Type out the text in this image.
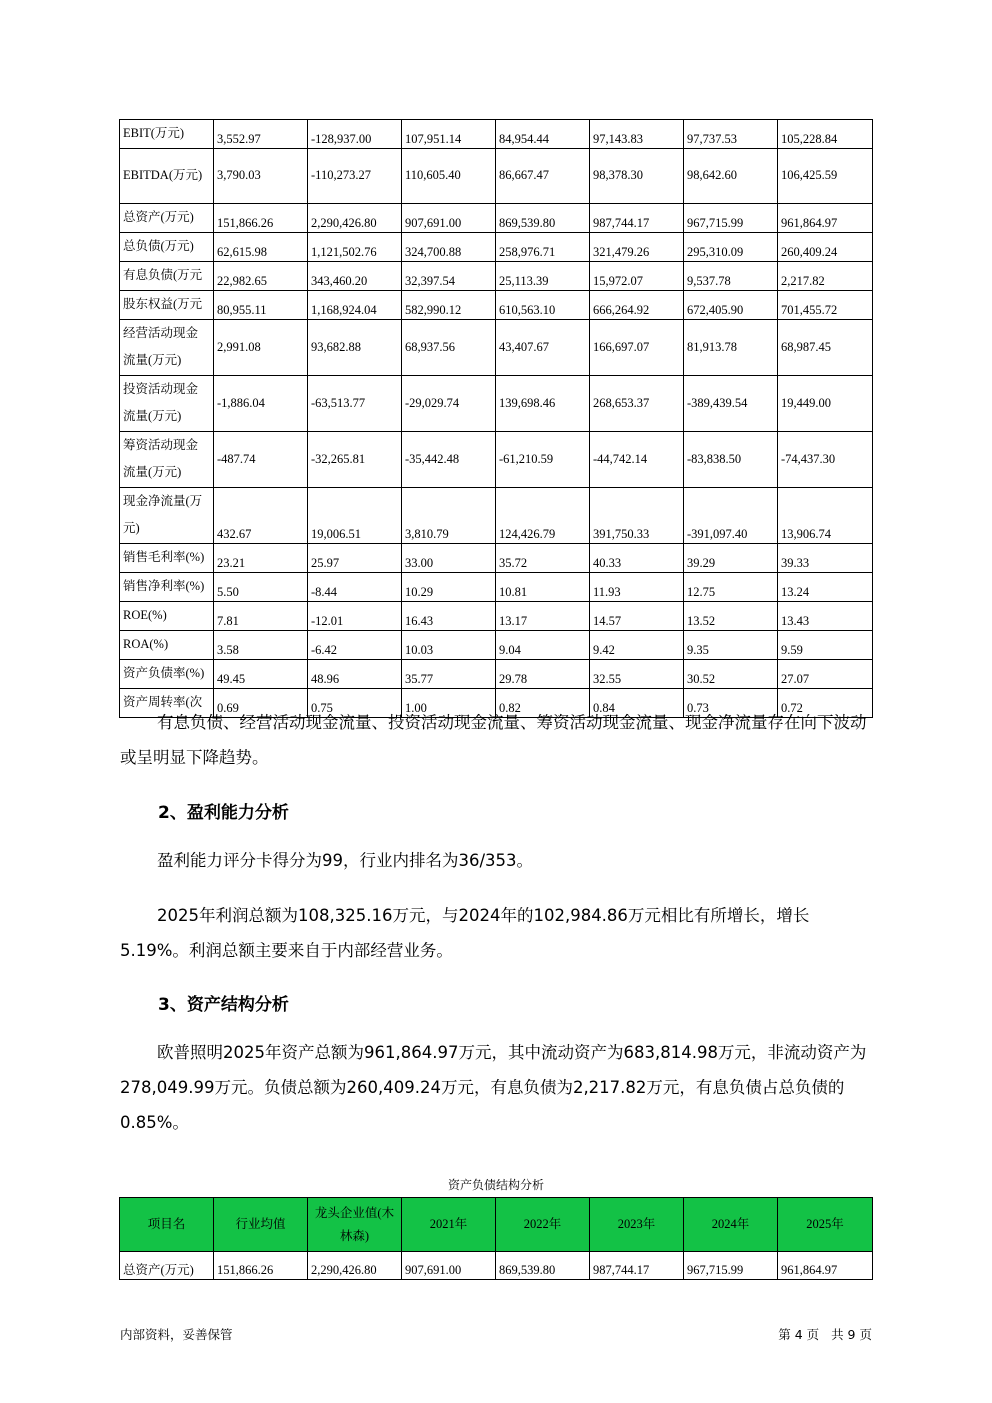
EBIT(万元)	3,552.97	-128,937.00	107,951.14	84,954.44	97,143.83	97,737.53	105,228.84
EBITDA(万元)	3,790.03	-110,273.27	110,605.40	86,667.47	98,378.30	98,642.60	106,425.59
总资产(万元)	151,866.26	2,290,426.80	907,691.00	869,539.80	987,744.17	967,715.99	961,864.97
总负债(万元)	62,615.98	1,121,502.76	324,700.88	258,976.71	321,479.26	295,310.09	260,409.24
有息负债(万元	22,982.65	343,460.20	32,397.54	25,113.39	15,972.07	9,537.78	2,217.82
股东权益(万元	80,955.11	1,168,924.04	582,990.12	610,563.10	666,264.92	672,405.90	701,455.72
经营活动现金流量(万元)	2,991.08	93,682.88	68,937.56	43,407.67	166,697.07	81,913.78	68,987.45
投资活动现金流量(万元)	-1,886.04	-63,513.77	-29,029.74	139,698.46	268,653.37	-389,439.54	19,449.00
筹资活动现金流量(万元)	-487.74	-32,265.81	-35,442.48	-61,210.59	-44,742.14	-83,838.50	-74,437.30
现金净流量(万元)	432.67	19,006.51	3,810.79	124,426.79	391,750.33	-391,097.40	13,906.74
销售毛利率(%)	23.21	25.97	33.00	35.72	40.33	39.29	39.33
销售净利率(%)	5.50	-8.44	10.29	10.81	11.93	12.75	13.24
ROE(%)	7.81	-12.01	16.43	13.17	14.57	13.52	13.43
ROA(%)	3.58	-6.42	10.03	9.04	9.42	9.35	9.59
资产负债率(%)	49.45	48.96	35.77	29.78	32.55	30.52	27.07
资产周转率(次	0.69	0.75	1.00	0.82	0.84	0.73	0.72

有息负债、经营活动现金流量、投资活动现金流量、筹资活动现金流量、现金净流量存在向下波动或呈明显下降趋势。

2、盈利能力分析

盈利能力评分卡得分为99，行业内排名为36/353。

2025年利润总额为108,325.16万元，与2024年的102,984.86万元相比有所增长，增长5.19%。利润总额主要来自于内部经营业务。

3、资产结构分析

欧普照明2025年资产总额为961,864.97万元，其中流动资产为683,814.98万元，非流动资产为278,049.99万元。负债总额为260,409.24万元，有息负债为2,217.82万元，有息负债占总负债的0.85%。

资产负债结构分析
项目名	行业均值	龙头企业值(木林森)	2021年	2022年	2023年	2024年	2025年
总资产(万元)	151,866.26	2,290,426.80	907,691.00	869,539.80	987,744.17	967,715.99	961,864.97
内部资料，妥善保管	第 4 页   共 9 页
